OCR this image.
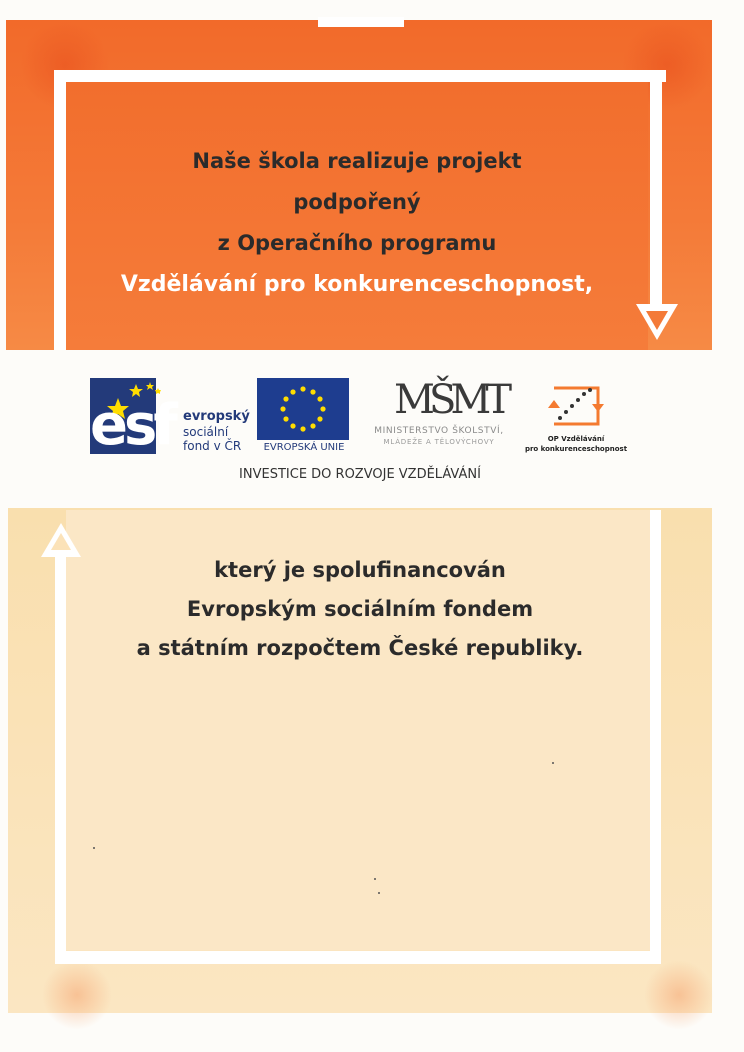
Naše škola realizuje projekt
podpořený
z Operačního programu
Vzdělávání pro konkurenceschopnost,
esf evropský
sociální
fond v ČR	EVROPSKÁ UNIE
MŠMT
MINISTERSTVO ŠKOLSTVÍ,
MLÁDEŽE A TĚLOVÝCHOVY	OP Vzdělávání
pro konkurenceschopnost
INVESTICE DO ROZVOJE VZDĚLÁVÁNÍ
který je spolufinancován
Evropským sociálním fondem
a státním rozpočtem České republiky.
